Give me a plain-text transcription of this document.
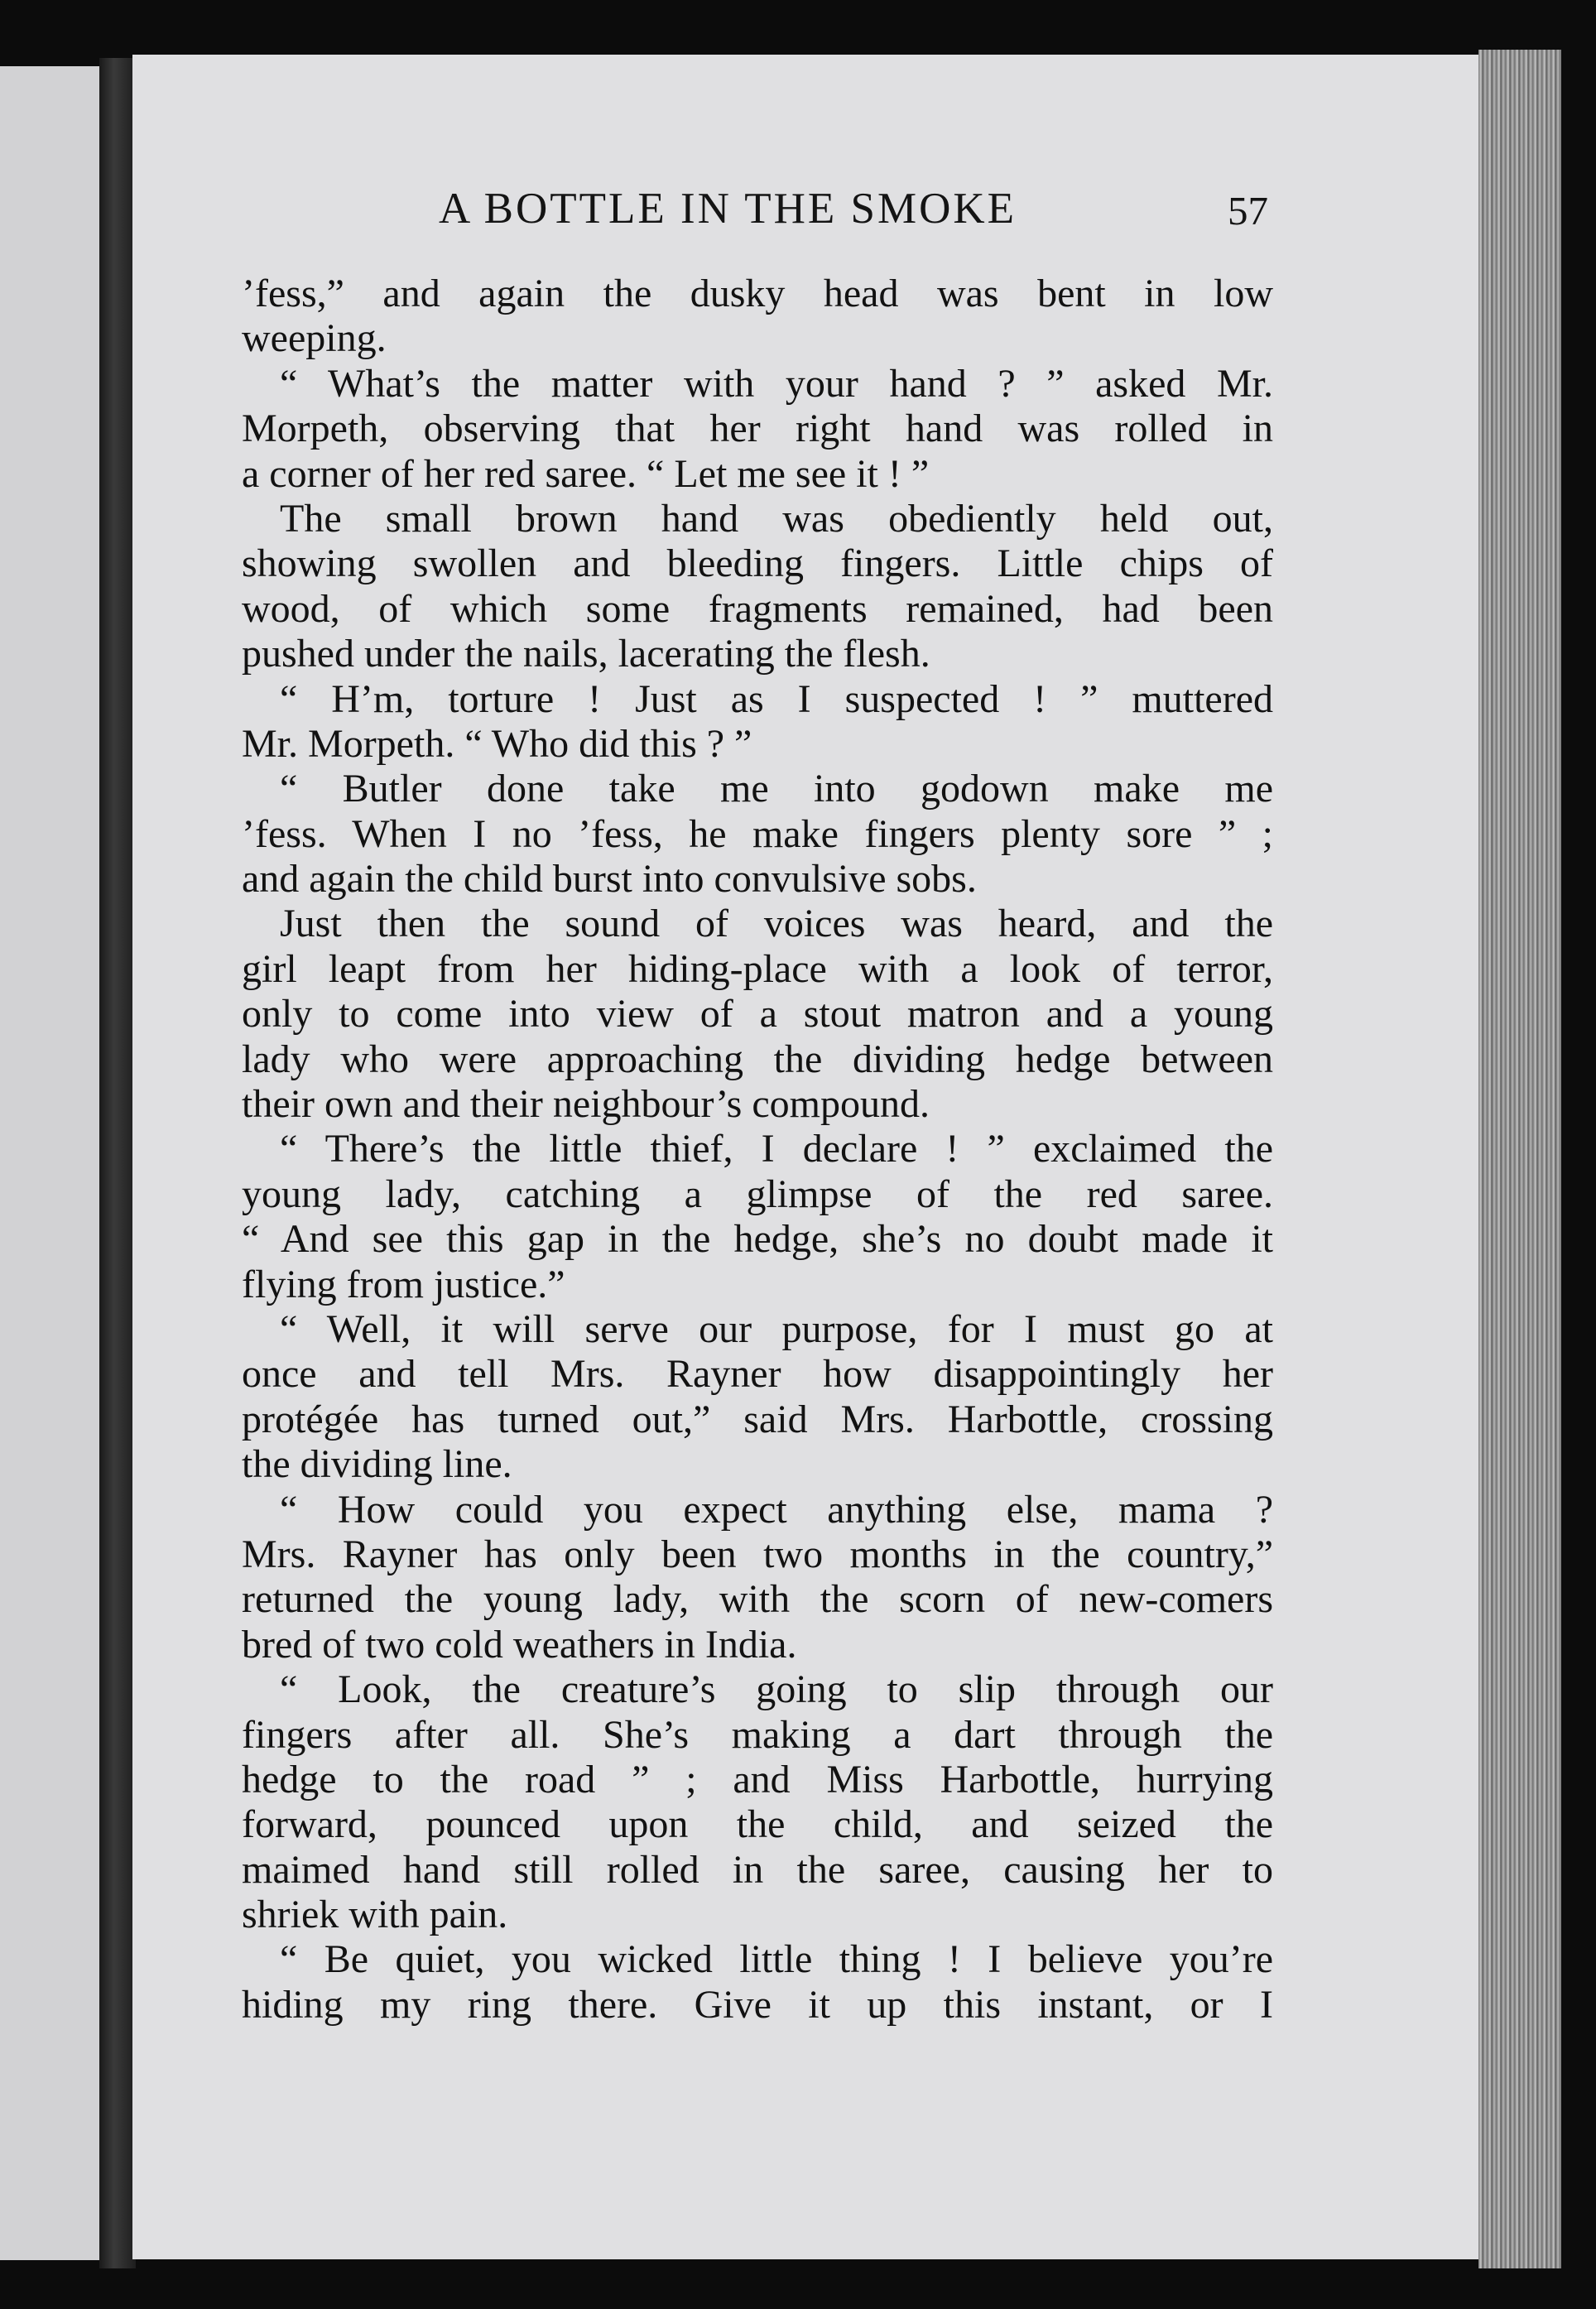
A BOTTLE IN THE SMOKE	57
’fess,” and again the dusky head was bent in low
weeping.
“ What’s the matter with your hand ? ” asked Mr.
Morpeth, observing that her right hand was rolled in
a corner of her red saree. “ Let me see it ! ”
The small brown hand was obediently held out,
showing swollen and bleeding fingers. Little chips of
wood, of which some fragments remained, had been
pushed under the nails, lacerating the flesh.
“ H’m, torture ! Just as I suspected ! ” muttered
Mr. Morpeth. “ Who did this ? ”
“ Butler done take me into godown make me
’fess. When I no ’fess, he make fingers plenty sore ” ;
and again the child burst into convulsive sobs.
Just then the sound of voices was heard, and the
girl leapt from her hiding-place with a look of terror,
only to come into view of a stout matron and a young
lady who were approaching the dividing hedge between
their own and their neighbour’s compound.
“ There’s the little thief, I declare ! ” exclaimed the
young lady, catching a glimpse of the red saree.
“ And see this gap in the hedge, she’s no doubt made it
flying from justice.”
“ Well, it will serve our purpose, for I must go at
once and tell Mrs. Rayner how disappointingly her
protégée has turned out,” said Mrs. Harbottle, crossing
the dividing line.
“ How could you expect anything else, mama ?
Mrs. Rayner has only been two months in the country,”
returned the young lady, with the scorn of new-comers
bred of two cold weathers in India.
“ Look, the creature’s going to slip through our
fingers after all. She’s making a dart through the
hedge to the road ” ; and Miss Harbottle, hurrying
forward, pounced upon the child, and seized the
maimed hand still rolled in the saree, causing her to
shriek with pain.
“ Be quiet, you wicked little thing ! I believe you’re
hiding my ring there. Give it up this instant, or I
